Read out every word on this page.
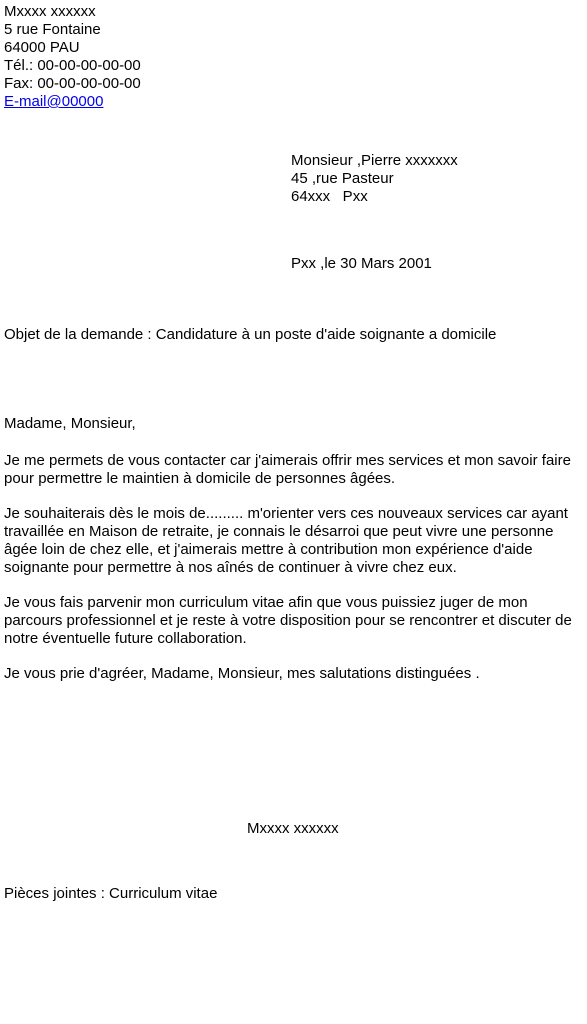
Mxxxx xxxxxx
5 rue Fontaine
64000 PAU
Tél.: 00-00-00-00-00
Fax: 00-00-00-00-00
E-mail@00000
Monsieur ,Pierre xxxxxxx
45 ,rue Pasteur
64xxx   Pxx
Pxx ,le 30 Mars 2001
Objet de la demande : Candidature à un poste d'aide soignante a domicile
Madame, Monsieur,
Je me permets de vous contacter car j'aimerais offrir mes services et mon savoir faire pour permettre le maintien à domicile de personnes âgées.
Je souhaiterais dès le mois de......... m'orienter vers ces nouveaux services car ayant travaillée en Maison de retraite, je connais le désarroi que peut vivre une personne âgée loin de chez elle, et j'aimerais mettre à contribution mon expérience d'aide soignante pour permettre à nos aînés de continuer à vivre chez eux.
Je vous fais parvenir mon curriculum vitae afin que vous puissiez juger de mon parcours professionnel et je reste à votre disposition pour se rencontrer et discuter de notre éventuelle future collaboration.
Je vous prie d'agréer, Madame, Monsieur, mes salutations distinguées .
Mxxxx xxxxxx
Pièces jointes : Curriculum vitae
